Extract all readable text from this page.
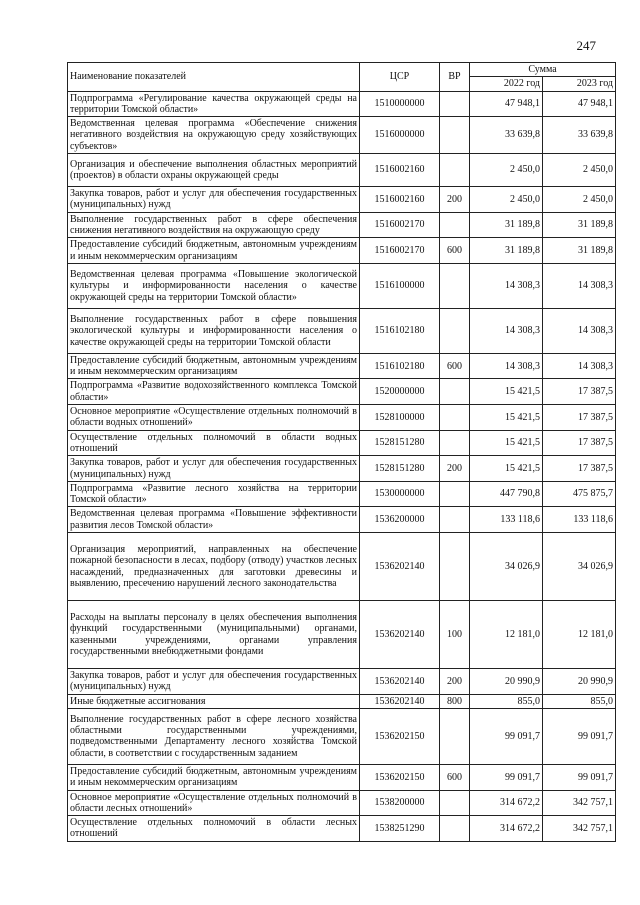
247
Наименование показателей	ЦСР	ВР	Сумма	
			2022 год	2023 год
Подпрограмма «Регулирование качества окружающей среды на территории Томской области»	1510000000		47 948,1	47 948,1
Ведомственная целевая программа «Обеспечение снижения негативного воздействия на окружающую среду хозяйствующих субъектов»	1516000000		33 639,8	33 639,8
Организация и обеспечение выполнения областных мероприятий (проектов) в области охраны окружающей среды	1516002160		2 450,0	2 450,0
Закупка товаров, работ и услуг для обеспечения государственных (муниципальных) нужд	1516002160	200	2 450,0	2 450,0
Выполнение государственных работ в сфере обеспечения снижения негативного воздействия на окружающую среду	1516002170		31 189,8	31 189,8
Предоставление субсидий бюджетным, автономным учреждениям и иным некоммерческим организациям	1516002170	600	31 189,8	31 189,8
Ведомственная целевая программа «Повышение экологической культуры и информированности населения о качестве окружающей среды на территории Томской области»	1516100000		14 308,3	14 308,3
Выполнение государственных работ в сфере повышения экологической культуры и информированности населения о качестве окружающей среды на территории Томской области	1516102180		14 308,3	14 308,3
Предоставление субсидий бюджетным, автономным учреждениям и иным некоммерческим организациям	1516102180	600	14 308,3	14 308,3
Подпрограмма «Развитие водохозяйственного комплекса Томской области»	1520000000		15 421,5	17 387,5
Основное мероприятие «Осуществление отдельных полномочий в области водных отношений»	1528100000		15 421,5	17 387,5
Осуществление отдельных полномочий в области водных отношений	1528151280		15 421,5	17 387,5
Закупка товаров, работ и услуг для обеспечения государственных (муниципальных) нужд	1528151280	200	15 421,5	17 387,5
Подпрограмма «Развитие лесного хозяйства на территории Томской области»	1530000000		447 790,8	475 875,7
Ведомственная целевая программа «Повышение эффективности развития лесов Томской области»	1536200000		133 118,6	133 118,6
Организация мероприятий, направленных на обеспечение пожарной безопасности в лесах, подбору (отводу) участков лесных насаждений, предназначенных для заготовки древесины и выявлению, пресечению нарушений лесного законодательства	1536202140		34 026,9	34 026,9
Расходы на выплаты персоналу в целях обеспечения выполнения функций государственными (муниципальными) органами, казенными учреждениями, органами управления государственными внебюджетными фондами	1536202140	100	12 181,0	12 181,0
Закупка товаров, работ и услуг для обеспечения государственных (муниципальных) нужд	1536202140	200	20 990,9	20 990,9
Иные бюджетные ассигнования	1536202140	800	855,0	855,0
Выполнение государственных работ в сфере лесного хозяйства областными государственными учреждениями, подведомственными Департаменту лесного хозяйства Томской области, в соответствии с государственным заданием	1536202150		99 091,7	99 091,7
Предоставление субсидий бюджетным, автономным учреждениям и иным некоммерческим организациям	1536202150	600	99 091,7	99 091,7
Основное мероприятие «Осуществление отдельных полномочий в области лесных отношений»	1538200000		314 672,2	342 757,1
Осуществление отдельных полномочий в области лесных отношений	1538251290		314 672,2	342 757,1
